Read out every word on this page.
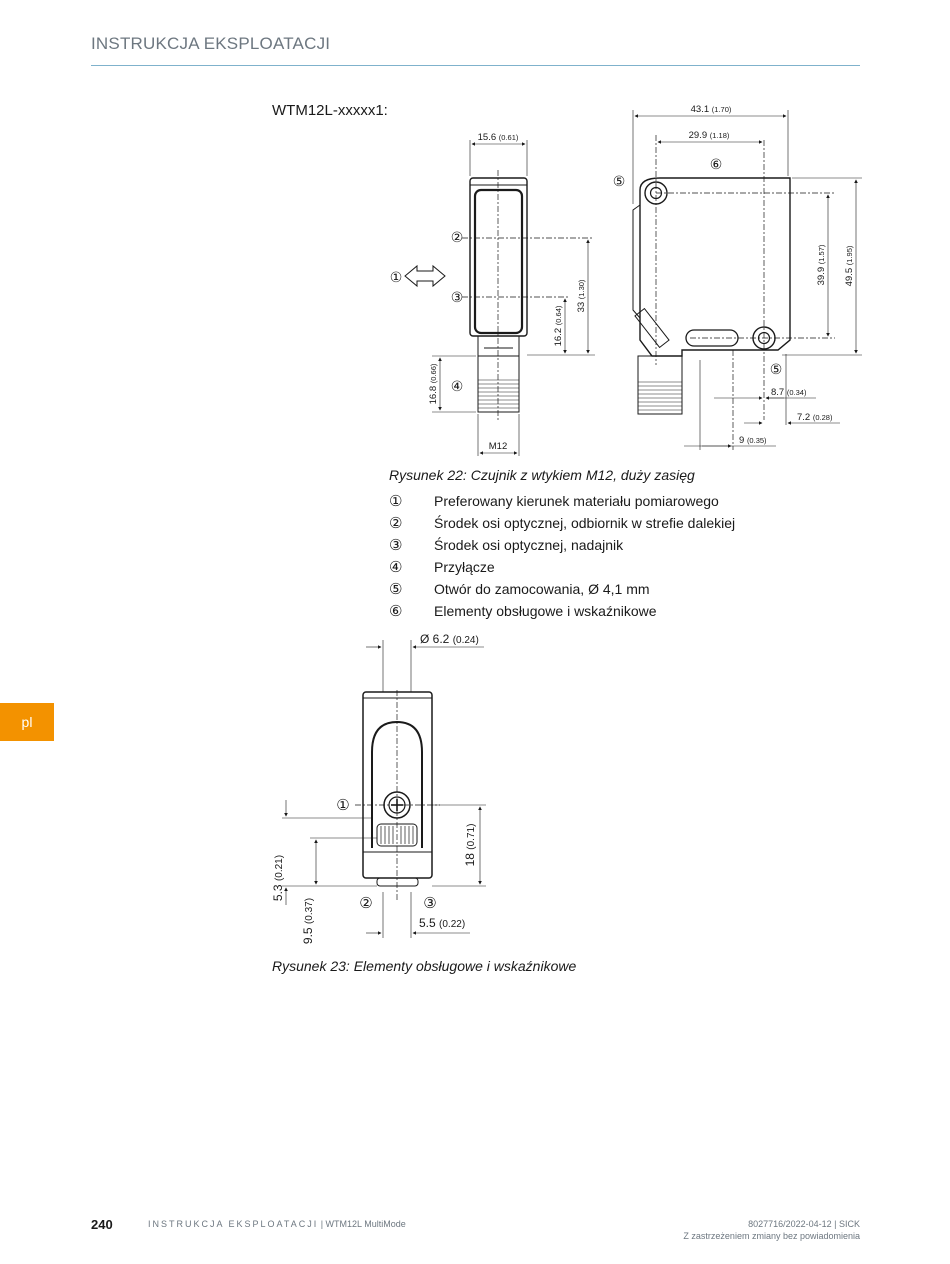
INSTRUKCJA EKSPLOATACJI
WTM12L-xxxxx1:
15.6 (0.61)
43.1 (1.70)
29.9 (1.18)
33 (1.30)
16.2 (0.64)
16.8 (0.66)
M12
39.9 (1.57)
49.5 (1.95)
8.7 (0.34)
7.2 (0.28)
9 (0.35)
①
②
③
④
⑤
⑤
⑥
Rysunek 22: Czujnik z wtykiem M12, duży zasięg
①	Preferowany kierunek materiału pomiarowego
②	Środek osi optycznej, odbiornik w strefie dalekiej
③	Środek osi optycznej, nadajnik
④	Przyłącze
⑤	Otwór do zamocowania, Ø 4,1 mm
⑥	Elementy obsługowe i wskaźnikowe
Ø 6.2 (0.24)
18 (0.71)
5.3 (0.21)
9.5 (0.37)	5.5 (0.22)
①
②	③
Rysunek 23: Elementy obsługowe i wskaźnikowe
pl
240	INSTRUKCJA EKSPLOATACJI | WTM12L MultiMode	8027716/2022-04-12 | SICK
Z zastrzeżeniem zmiany bez powiadomienia
